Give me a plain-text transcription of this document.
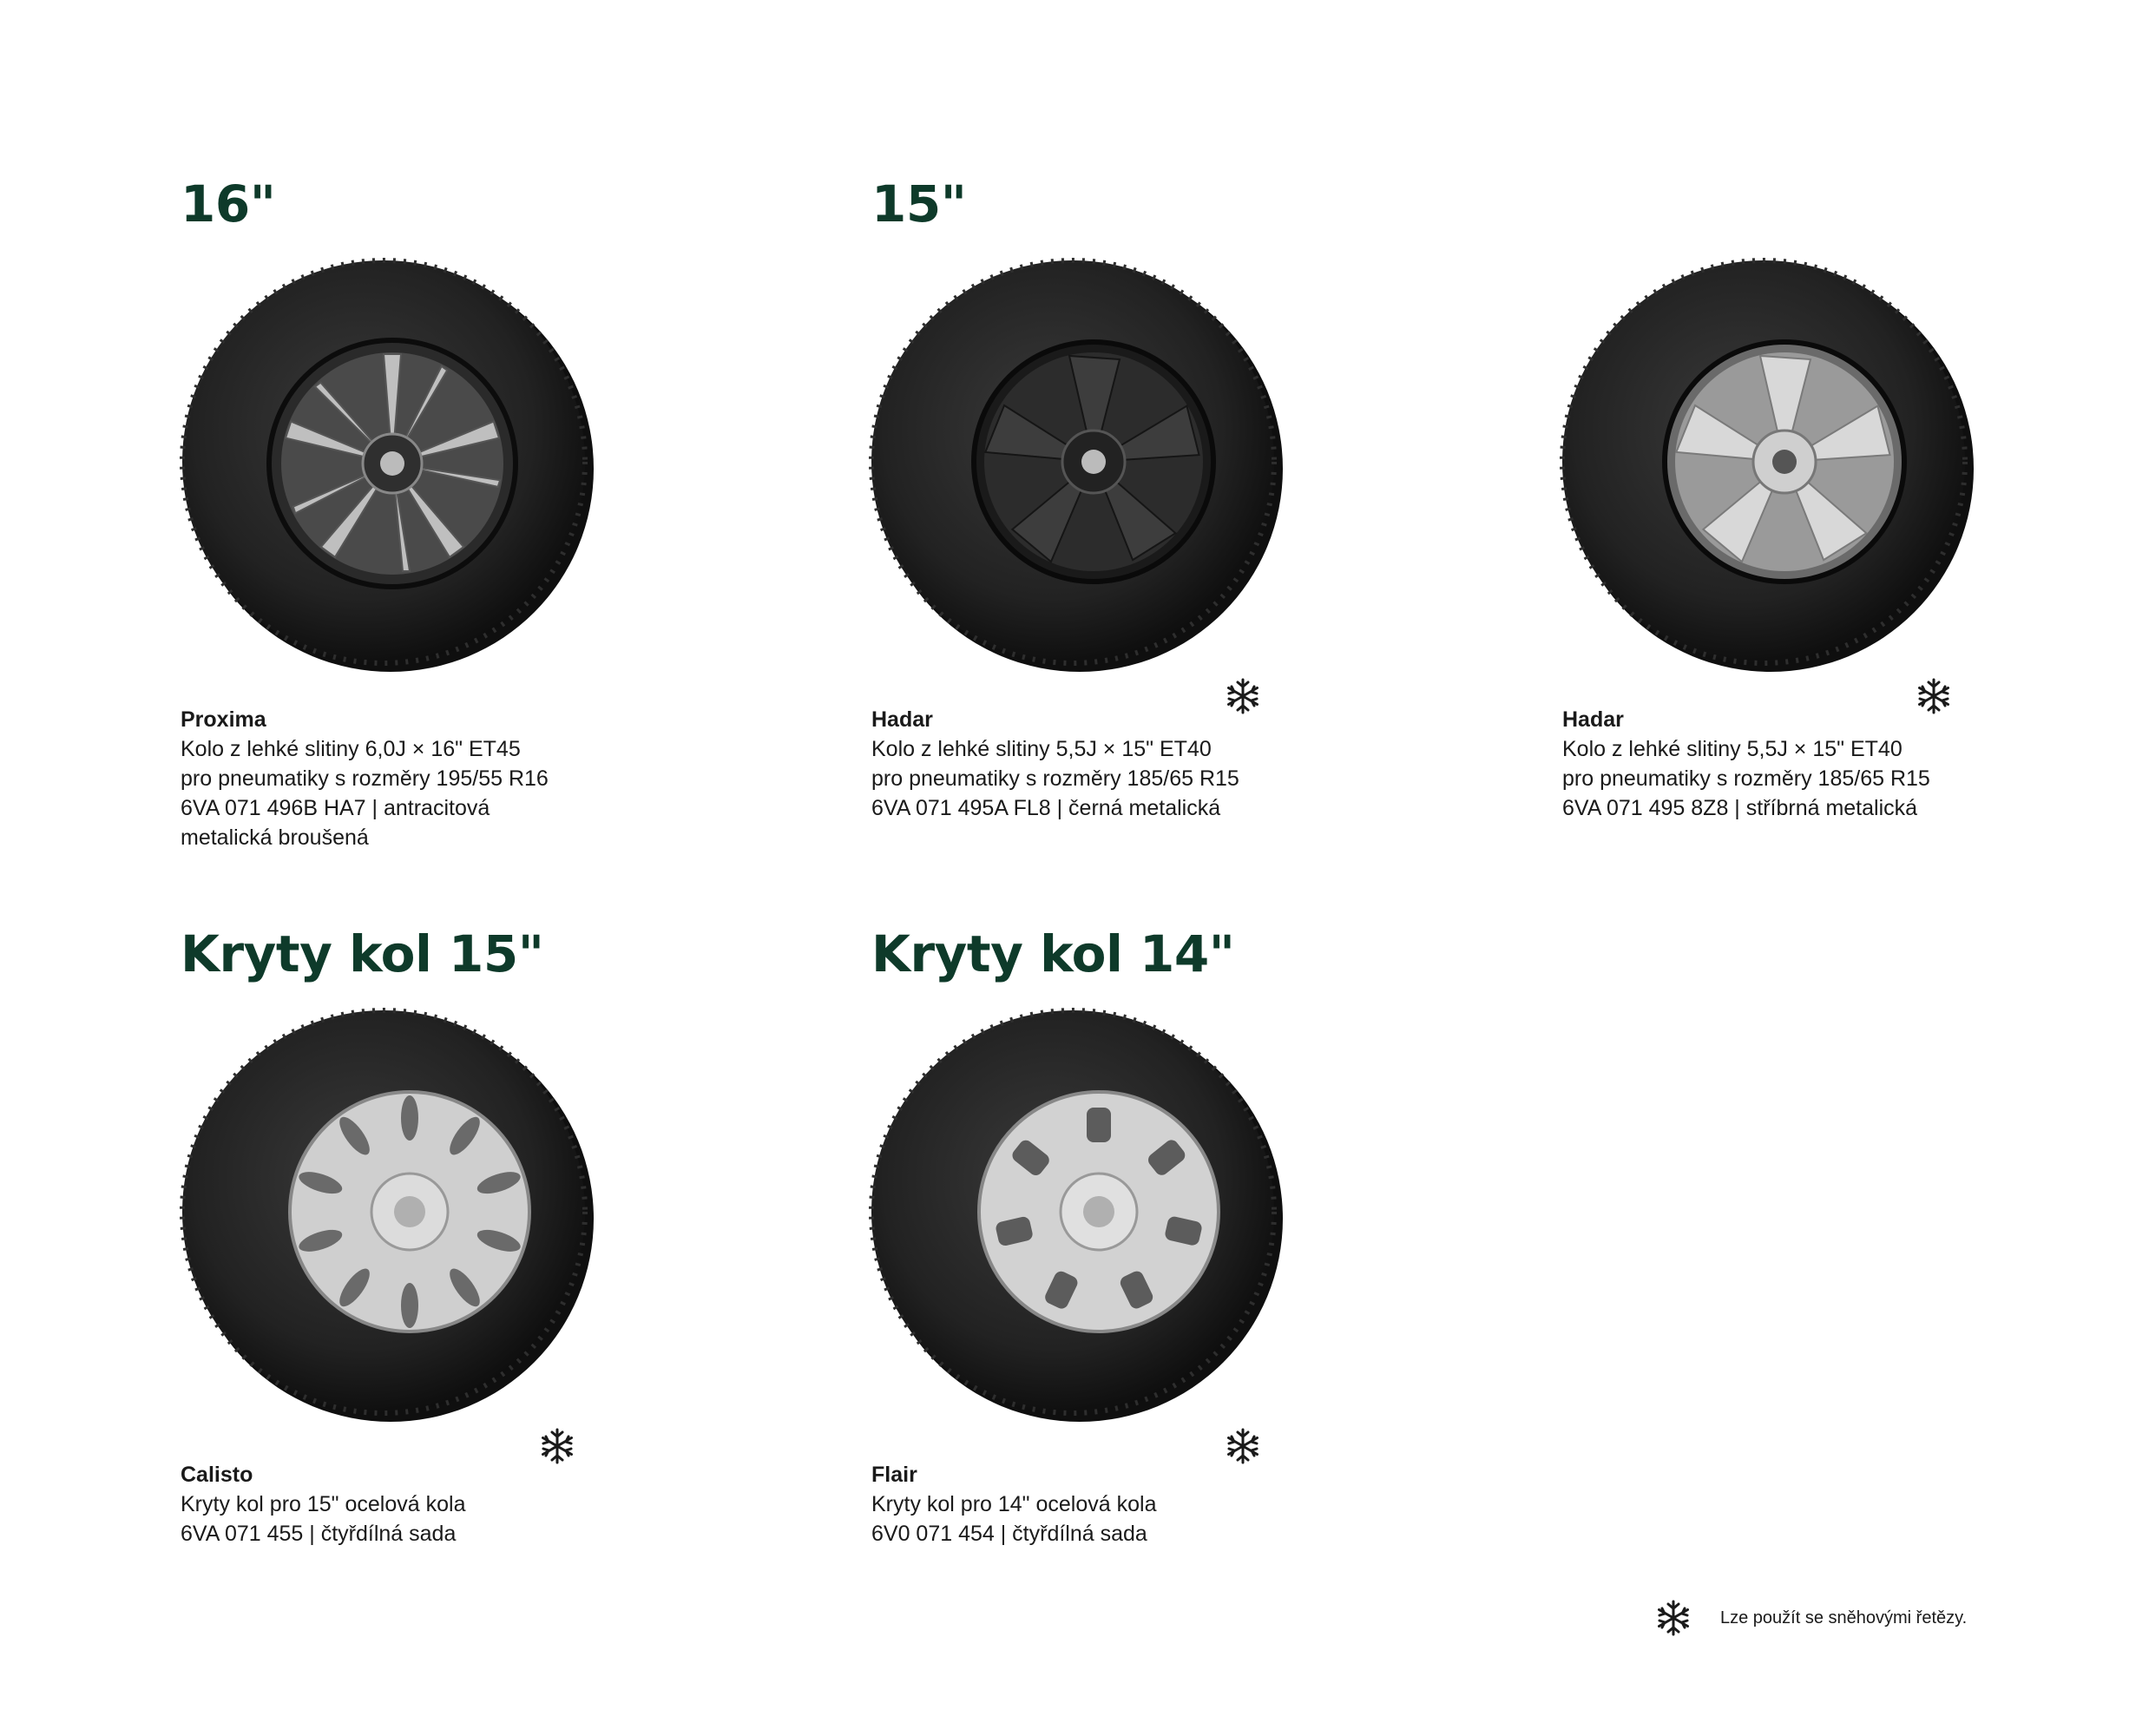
16"	15"
Kryty kol 15"	Kryty kol 14"
Proxima
Kolo z lehké slitiny 6,0J × 16" ET45
pro pneumatiky s rozměry 195/55 R16
6VA 071 496B HA7 | antracitová
metalická broušená
Hadar
Kolo z lehké slitiny 5,5J × 15" ET40
pro pneumatiky s rozměry 185/65 R15
6VA 071 495A FL8 | černá metalická
Hadar
Kolo z lehké slitiny 5,5J × 15" ET40
pro pneumatiky s rozměry 185/65 R15
6VA 071 495 8Z8 | stříbrná metalická
Calisto
Kryty kol pro 15" ocelová kola
6VA 071 455 | čtyřdílná sada
Flair
Kryty kol pro 14" ocelová kola
6V0 071 454 | čtyřdílná sada
Lze použít se sněhovými řetězy.
